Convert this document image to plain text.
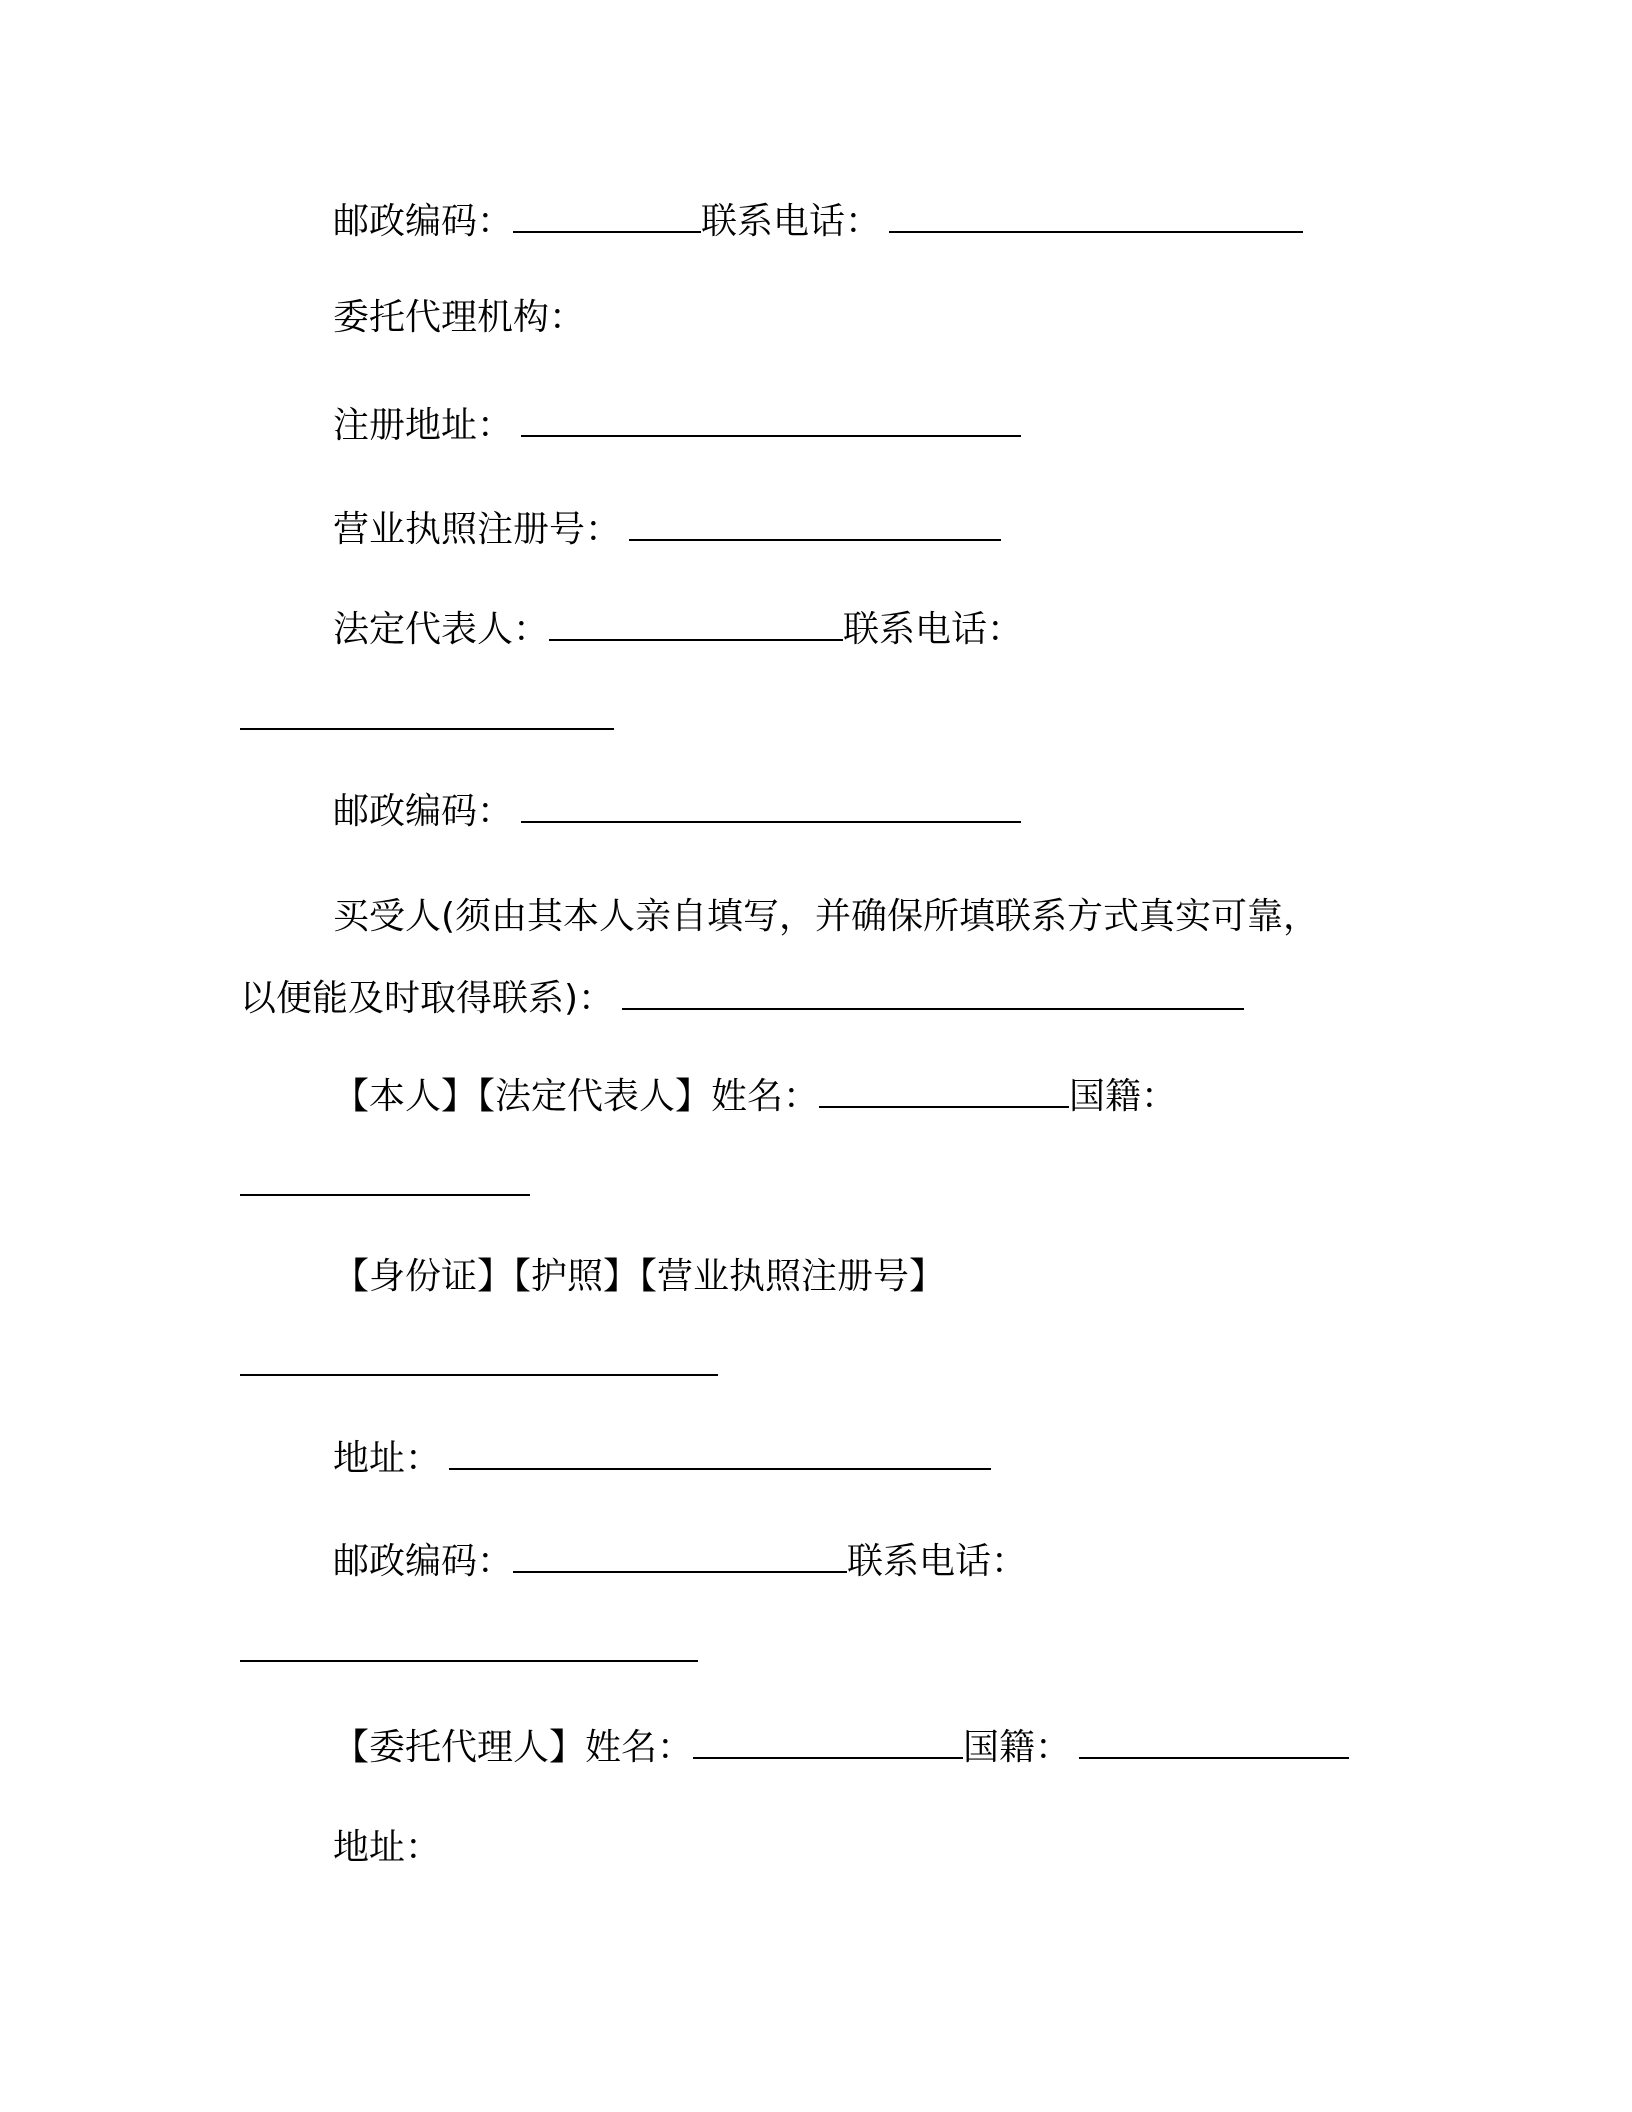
邮政编码：	联系电话：
委托代理机构：
注册地址：
营业执照注册号：
法定代表人：	联系电话：
邮政编码：
买受人(须由其本人亲自填写，并确保所填联系方式真实可靠，
以便能及时取得联系)：
【本人】【法定代表人】姓名：	国籍：
【身份证】【护照】【营业执照注册号】
地址：
邮政编码：	联系电话：
【委托代理人】姓名：	国籍：
地址：
